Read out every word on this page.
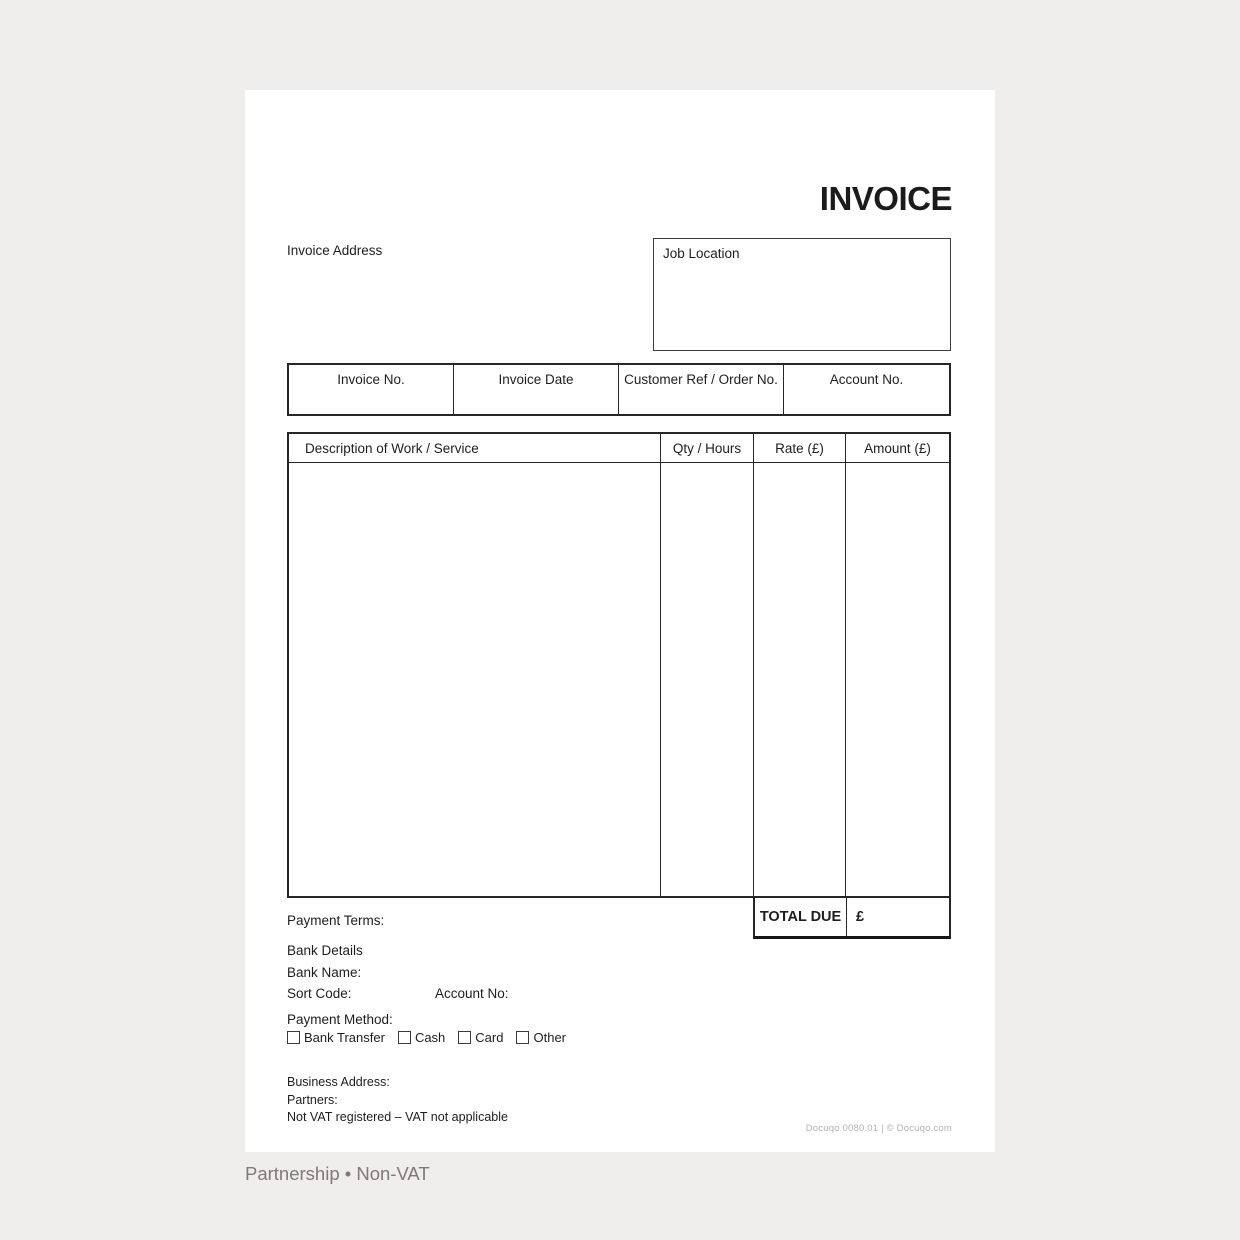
INVOICE
Invoice Address	Job Location
Invoice No.	Invoice Date	Customer Ref / Order No.	Account No.
Description of Work / Service	Qty / Hours	Rate (£)	Amount (£)
TOTAL DUE	£
Payment Terms:
Bank Details
Bank Name:
Sort Code:	Account No:
Payment Method:
Bank Transfer Cash Card Other
Business Address:
Partners:
Not VAT registered – VAT not applicable
Docuqo 0080.01 | © Docuqo.com
Partnership • Non-VAT
